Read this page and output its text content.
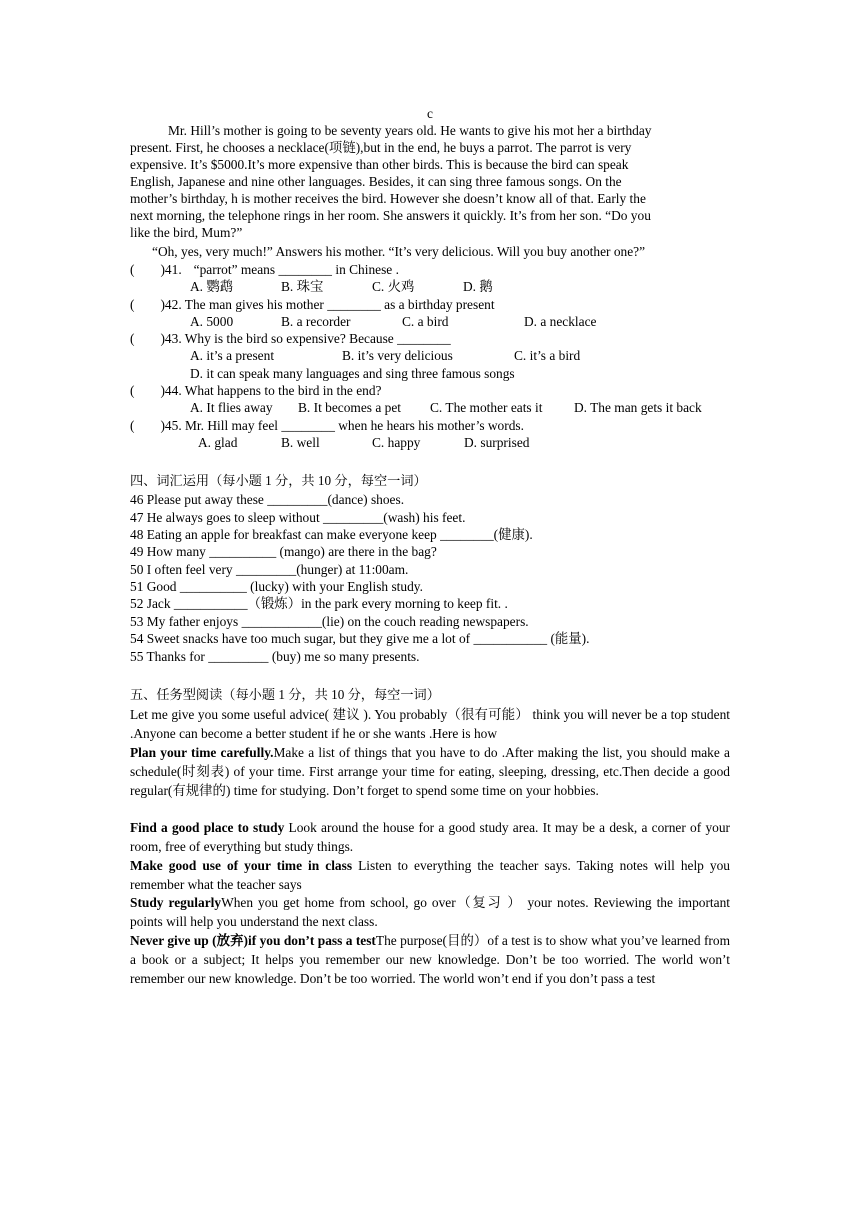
c
Mr. Hill’s mother is going to be seventy years old. He wants to give his mot her a birthday
present. First, he chooses a necklace(项链),but in the end, he buys a parrot. The parrot is very
expensive. It’s $5000.It’s more expensive than other birds. This is because the bird can speak
English, Japanese and nine other languages. Besides, it can sing three famous songs. On the
mother’s birthday, h is mother receives the bird. However she doesn’t know all of that. Early the
next morning, the telephone rings in her room. She answers it quickly. It’s from her son. “Do you
like the bird, Mum?”
“Oh, yes, very much!” Answers his mother. “It’s very delicious. Will you buy another one?”
( )41. “parrot” means ________ in Chinese .
A. 鹦鹉	B. 珠宝	C. 火鸡	D. 鹅
( )42. The man gives his mother ________ as a birthday present
A. 5000	B. a recorder	C. a bird	D. a necklace
( )43. Why is the bird so expensive? Because ________
A. it’s a present	B. it’s very delicious	C. it’s a bird
D. it can speak many languages and sing three famous songs
( )44. What happens to the bird in the end?
A. It flies away B. It becomes a pet C. The mother eats it D. The man gets it back
( )45. Mr. Hill may feel ________ when he hears his mother’s words.
A. glad	B. well	C. happy	D. surprised
四、词汇运用（每小题 1 分，共 10 分，每空一词）
46 Please put away these _________(dance) shoes.
47 He always goes to sleep without _________(wash) his feet.
48 Eating an apple for breakfast can make everyone keep ________(健康).
49 How many __________ (mango) are there in the bag?
50 I often feel very _________(hunger) at 11:00am.
51 Good __________ (lucky) with your English study.
52 Jack ___________（锻炼）in the park every morning to keep fit. .
53 My father enjoys ____________(lie) on the couch reading newspapers.
54 Sweet snacks have too much sugar, but they give me a lot of ___________ (能量).
55 Thanks for _________ (buy) me so many presents.
五、任务型阅读（每小题 1 分，共 10 分，每空一词）
Let me give you some useful advice( 建议 ). You probably（很有可能） think you will never be a top student .Anyone can become a better student if he or she wants .Here is how
Plan your time carefully.Make a list of things that you have to do .After making the list, you should make a schedule(时刻表) of your time. First arrange your time for eating, sleeping, dressing, etc.Then decide a good regular(有规律的) time for studying. Don’t forget to spend some time on your hobbies.
Find a good place to study Look around the house for a good study area. It may be a desk, a corner of your room, free of everything but study things.
Make good use of your time in class Listen to everything the teacher says. Taking notes will help you remember what the teacher says
Study regularlyWhen you get home from school, go over（复习 ） your notes. Reviewing the important points will help you understand the next class.
Never give up (放弃)if you don’t pass a testThe purpose(目的）of a test is to show what you’ve learned from a book or a subject; It helps you remember our new knowledge. Don’t be too worried. The world won’t remember our new knowledge. Don’t be too worried. The world won’t end if you don’t pass a test
